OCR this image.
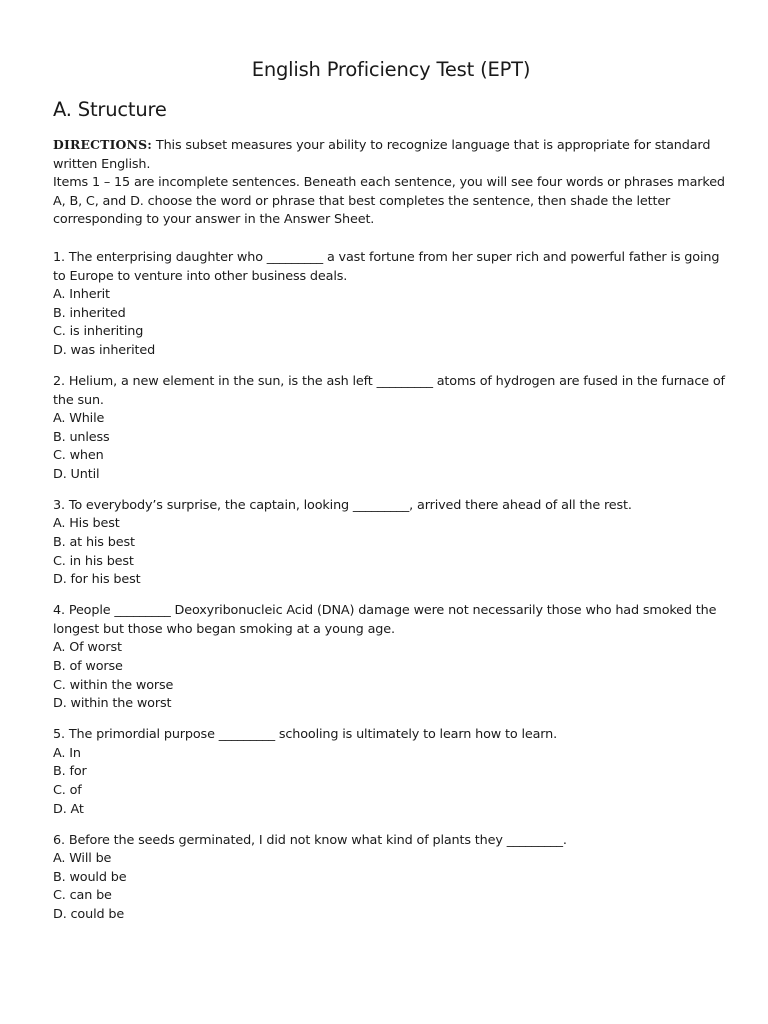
English Proficiency Test (EPT)
A. Structure

DIRECTIONS: This subset measures your ability to recognize language that is appropriate for standard written English.

Items 1 – 15 are incomplete sentences. Beneath each sentence, you will see four words or phrases marked A, B, C, and D. choose the word or phrase that best completes the sentence, then shade the letter corresponding to your answer in the Answer Sheet.

1. The enterprising daughter who _________ a vast fortune from her super rich and powerful father is going to Europe to venture into other business deals.

A. Inherit
B. inherited
C. is inheriting
D. was inherited

2. Helium, a new element in the sun, is the ash left _________ atoms of hydrogen are fused in the furnace of the sun.

A. While
B. unless
C. when
D. Until

3. To everybody’s surprise, the captain, looking _________, arrived there ahead of all the rest.

A. His best
B. at his best
C. in his best
D. for his best

4. People _________ Deoxyribonucleic Acid (DNA) damage were not necessarily those who had smoked the longest but those who began smoking at a young age.

A. Of worst
B. of worse
C. within the worse
D. within the worst

5. The primordial purpose _________ schooling is ultimately to learn how to learn.

A. In
B. for
C. of
D. At

6. Before the seeds germinated, I did not know what kind of plants they _________.

A. Will be
B. would be
C. can be
D. could be
